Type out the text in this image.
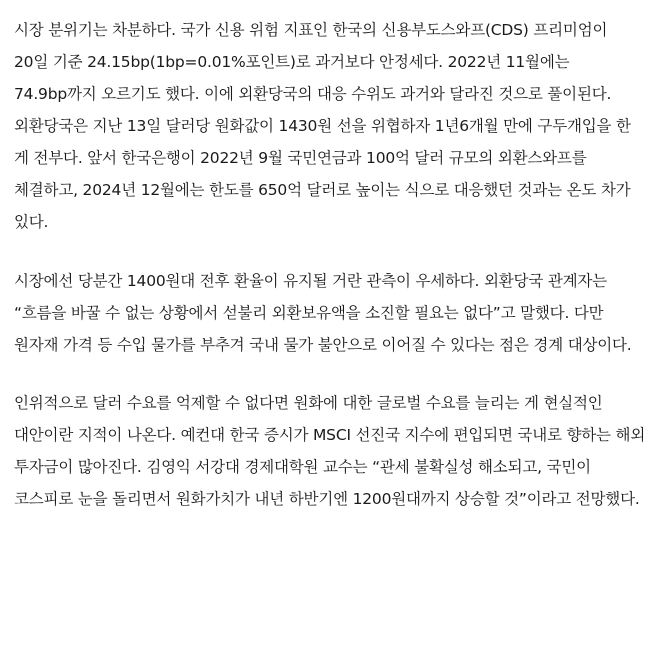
시장 분위기는 차분하다. 국가 신용 위험 지표인 한국의 신용부도스와프(CDS) 프리미엄이 20일 기준 24.15bp(1bp=0.01%포인트)로 과거보다 안정세다. 2022년 11월에는 74.9bp까지 오르기도 했다. 이에 외환당국의 대응 수위도 과거와 달라진 것으로 풀이된다. 외환당국은 지난 13일 달러당 원화값이 1430원 선을 위협하자 1년6개월 만에 구두개입을 한 게 전부다. 앞서 한국은행이 2022년 9월 국민연금과 100억 달러 규모의 외환스와프를 체결하고, 2024년 12월에는 한도를 650억 달러로 높이는 식으로 대응했던 것과는 온도 차가 있다.

시장에선 당분간 1400원대 전후 환율이 유지될 거란 관측이 우세하다. 외환당국 관계자는 “흐름을 바꿀 수 없는 상황에서 섣불리 외환보유액을 소진할 필요는 없다”고 말했다. 다만 원자재 가격 등 수입 물가를 부추겨 국내 물가 불안으로 이어질 수 있다는 점은 경계 대상이다.

인위적으로 달러 수요를 억제할 수 없다면 원화에 대한 글로벌 수요를 늘리는 게 현실적인 대안이란 지적이 나온다. 예컨대 한국 증시가 MSCI 선진국 지수에 편입되면 국내로 향하는 해외 투자금이 많아진다. 김영익 서강대 경제대학원 교수는 “관세 불확실성 해소되고, 국민이 코스피로 눈을 돌리면서 원화가치가 내년 하반기엔 1200원대까지 상승할 것”이라고 전망했다.
